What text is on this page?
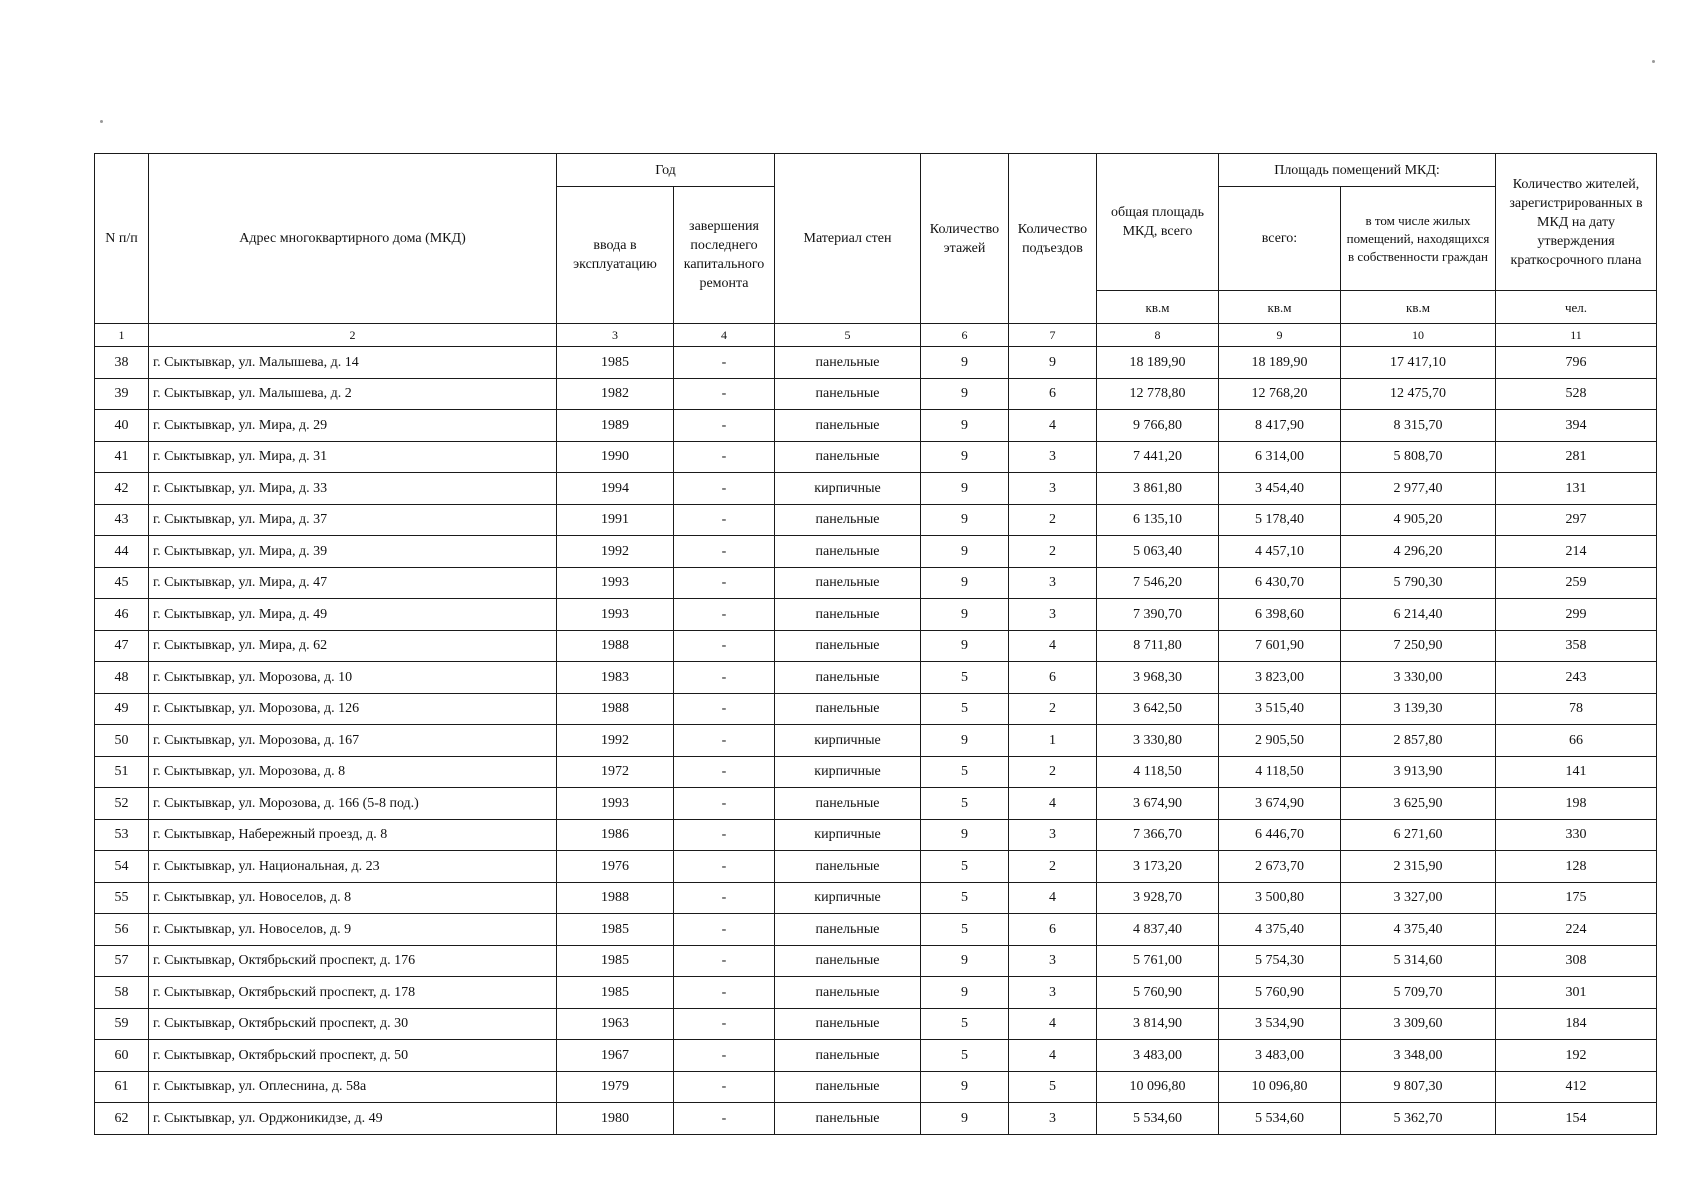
N п/п	Адрес многоквартирного дома (МКД)	Год		Материал стен	Количество этажей	Количество подъездов	общая площадь МКД, всего	Площадь помещений МКД:		Количество жителей, зарегистрированных в МКД на дату утверждения краткосрочного плана
		ввода в эксплуатацию	завершения последнего капитального ремонта					всего:	в том числе жилых помещений, находящихся в собственности граждан	
							кв.м	кв.м	кв.м	чел.
1	2	3	4	5	6	7	8	9	10	11
38	г. Сыктывкар, ул. Малышева, д. 14	1985	-	панельные	9	9	18 189,90	18 189,90	17 417,10	796
39	г. Сыктывкар, ул. Малышева, д. 2	1982	-	панельные	9	6	12 778,80	12 768,20	12 475,70	528
40	г. Сыктывкар, ул. Мира, д. 29	1989	-	панельные	9	4	9 766,80	8 417,90	8 315,70	394
41	г. Сыктывкар, ул. Мира, д. 31	1990	-	панельные	9	3	7 441,20	6 314,00	5 808,70	281
42	г. Сыктывкар, ул. Мира, д. 33	1994	-	кирпичные	9	3	3 861,80	3 454,40	2 977,40	131
43	г. Сыктывкар, ул. Мира, д. 37	1991	-	панельные	9	2	6 135,10	5 178,40	4 905,20	297
44	г. Сыктывкар, ул. Мира, д. 39	1992	-	панельные	9	2	5 063,40	4 457,10	4 296,20	214
45	г. Сыктывкар, ул. Мира, д. 47	1993	-	панельные	9	3	7 546,20	6 430,70	5 790,30	259
46	г. Сыктывкар, ул. Мира, д. 49	1993	-	панельные	9	3	7 390,70	6 398,60	6 214,40	299
47	г. Сыктывкар, ул. Мира, д. 62	1988	-	панельные	9	4	8 711,80	7 601,90	7 250,90	358
48	г. Сыктывкар, ул. Морозова, д. 10	1983	-	панельные	5	6	3 968,30	3 823,00	3 330,00	243
49	г. Сыктывкар, ул. Морозова, д. 126	1988	-	панельные	5	2	3 642,50	3 515,40	3 139,30	78
50	г. Сыктывкар, ул. Морозова, д. 167	1992	-	кирпичные	9	1	3 330,80	2 905,50	2 857,80	66
51	г. Сыктывкар, ул. Морозова, д. 8	1972	-	кирпичные	5	2	4 118,50	4 118,50	3 913,90	141
52	г. Сыктывкар, ул. Морозова, д. 166 (5-8 под.)	1993	-	панельные	5	4	3 674,90	3 674,90	3 625,90	198
53	г. Сыктывкар, Набережный проезд, д. 8	1986	-	кирпичные	9	3	7 366,70	6 446,70	6 271,60	330
54	г. Сыктывкар, ул. Национальная, д. 23	1976	-	панельные	5	2	3 173,20	2 673,70	2 315,90	128
55	г. Сыктывкар, ул. Новоселов, д. 8	1988	-	кирпичные	5	4	3 928,70	3 500,80	3 327,00	175
56	г. Сыктывкар, ул. Новоселов, д. 9	1985	-	панельные	5	6	4 837,40	4 375,40	4 375,40	224
57	г. Сыктывкар, Октябрьский проспект, д. 176	1985	-	панельные	9	3	5 761,00	5 754,30	5 314,60	308
58	г. Сыктывкар, Октябрьский проспект, д. 178	1985	-	панельные	9	3	5 760,90	5 760,90	5 709,70	301
59	г. Сыктывкар, Октябрьский проспект, д. 30	1963	-	панельные	5	4	3 814,90	3 534,90	3 309,60	184
60	г. Сыктывкар, Октябрьский проспект, д. 50	1967	-	панельные	5	4	3 483,00	3 483,00	3 348,00	192
61	г. Сыктывкар, ул. Оплеснина, д. 58а	1979	-	панельные	9	5	10 096,80	10 096,80	9 807,30	412
62	г. Сыктывкар, ул. Орджоникидзе, д. 49	1980	-	панельные	9	3	5 534,60	5 534,60	5 362,70	154
